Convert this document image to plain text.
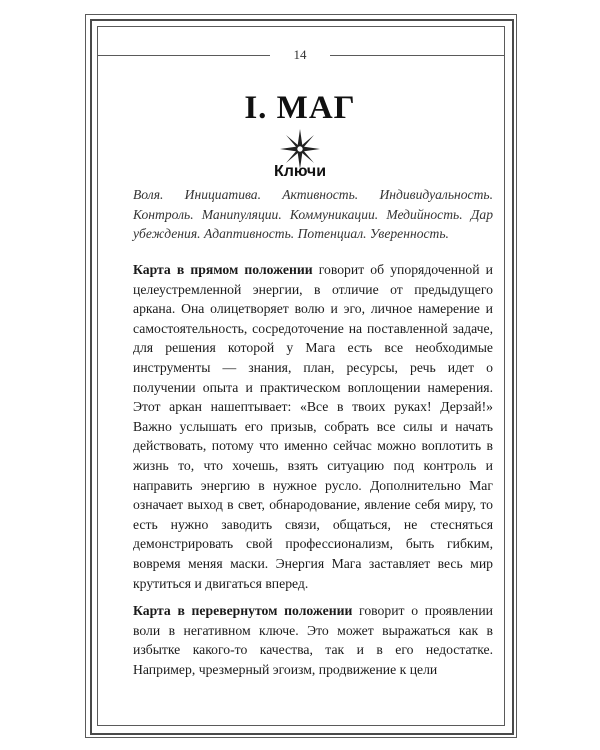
14
I. МАГ
Ключи
Воля. Инициатива. Активность. Индивидуальность. Контроль. Манипуляции. Коммуникации. Медийность. Дар убеждения. Адаптивность. Потенциал. Уверенность.
Карта в прямом положении говорит об упорядоченной и целеустремленной энергии, в отличие от предыдущего аркана. Она олицетворяет волю и эго, личное намерение и самостоятельность, сосредоточение на поставленной задаче, для решения которой у Мага есть все необходимые инструменты — знания, план, ресурсы, речь идет о получении опыта и практическом воплощении намерения. Этот аркан нашептывает: «Все в твоих руках! Дерзай!» Важно услышать его призыв, собрать все силы и начать действовать, потому что именно сейчас можно воплотить в жизнь то, что хочешь, взять ситуацию под контроль и направить энергию в нужное русло. Дополнительно Маг означает выход в свет, обнародование, явление себя миру, то есть нужно заводить связи, общаться, не стесняться демонстрировать свой профессионализм, быть гибким, вовремя меняя маски. Энергия Мага заставляет весь мир крутиться и двигаться вперед.
Карта в перевернутом положении говорит о проявлении воли в негативном ключе. Это может выражаться как в избытке какого-то качества, так и в его недостатке. Например, чрезмерный эгоизм, продвижение к цели
